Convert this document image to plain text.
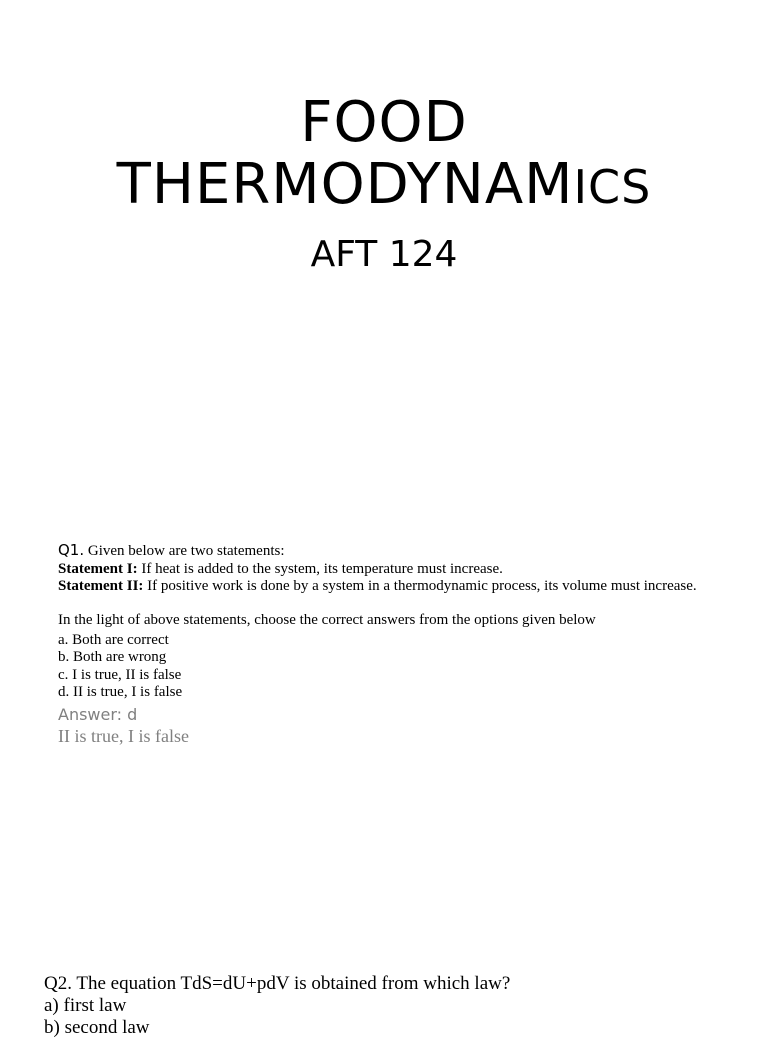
FOOD
THERMODYNAMICS
AFT 124

Q1. Given below are two statements:

Statement I: If heat is added to the system, its temperature must increase.

Statement II: If positive work is done by a system in a thermodynamic process, its volume must increase.

In the light of above statements, choose the correct answers from the options given below

a. Both are correct
b. Both are wrong
c. I is true, II is false
d. II is true, I is false
Answer: d
II is true, I is false

Q2. The equation TdS=dU+pdV is obtained from which law?

a) first law

b) second law
